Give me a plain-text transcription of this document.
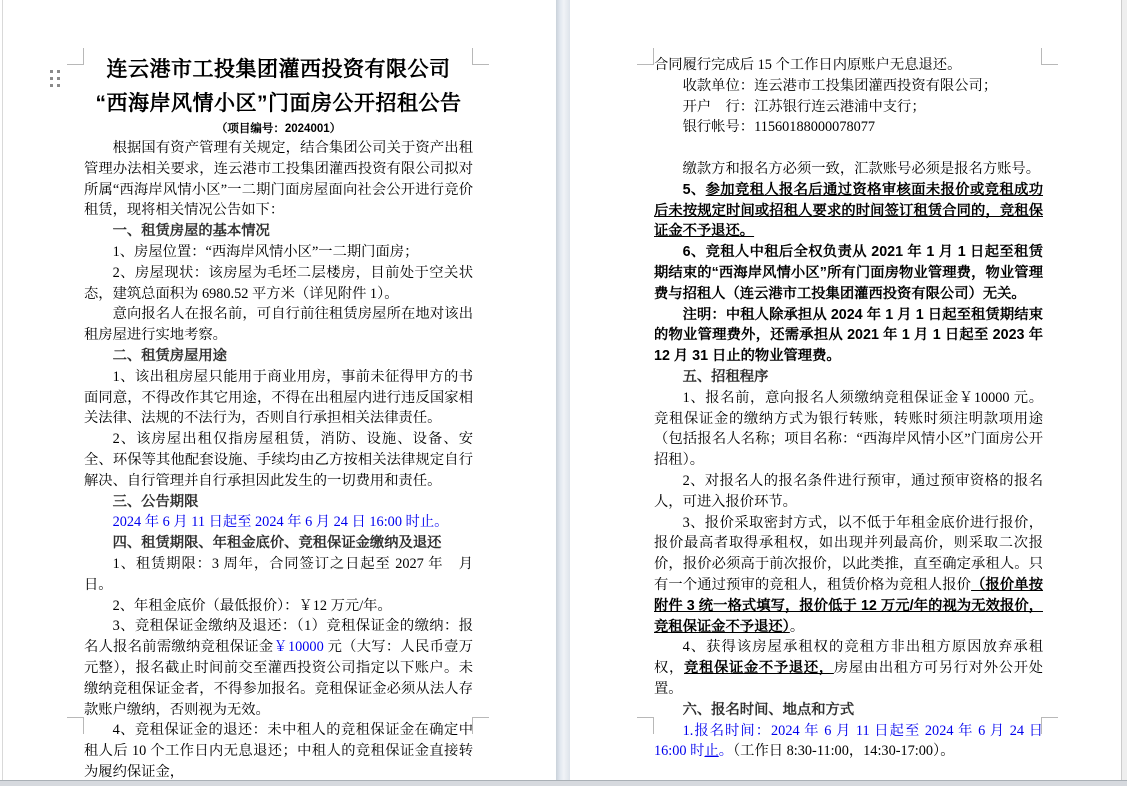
连云港市工投集团灌西投资有限公司
“西海岸风情小区”门面房公开招租公告
（项目编号：2024001）
根据国有资产管理有关规定，结合集团公司关于资产出租管理办法相关要求，连云港市工投集团灌西投资有限公司拟对所属“西海岸风情小区”一二期门面房屋面向社会公开进行竞价租赁，现将相关情况公告如下：
一、租赁房屋的基本情况
1、房屋位置：“西海岸风情小区”一二期门面房；
2、房屋现状：该房屋为毛坯二层楼房，目前处于空关状态，建筑总面积为 6980.52 平方米（详见附件 1）。
意向报名人在报名前，可自行前往租赁房屋所在地对该出租房屋进行实地考察。
二、租赁房屋用途
1、该出租房屋只能用于商业用房，事前未征得甲方的书面同意，不得改作其它用途，不得在出租屋内进行违反国家相关法律、法规的不法行为，否则自行承担相关法律责任。
2、该房屋出租仅指房屋租赁，消防、设施、设备、安全、环保等其他配套设施、手续均由乙方按相关法律规定自行解决、自行管理并自行承担因此发生的一切费用和责任。
三、公告期限
2024 年 6 月 11 日起至 2024 年 6 月 24 日 16:00 时止。
四、租赁期限、年租金底价、竞租保证金缴纳及退还
1、租赁期限：3 周年，合同签订之日起至 2027 年　月　日。
2、年租金底价（最低报价）：￥12 万元/年。
3、竞租保证金缴纳及退还：（1）竞租保证金的缴纳：报名人报名前需缴纳竞租保证金￥10000 元（大写：人民币壹万元整），报名截止时间前交至灌西投资公司指定以下账户。未缴纳竞租保证金者，不得参加报名。竞租保证金必须从法人存款账户缴纳，否则视为无效。
4、竞租保证金的退还：未中租人的竞租保证金在确定中租人后 10 个工作日内无息退还；中租人的竞租保证金直接转为履约保证金，
合同履行完成后 15 个工作日内原账户无息退还。
收款单位：连云港市工投集团灌西投资有限公司；
开户　行：江苏银行连云港浦中支行；
银行帐号：11560188000078077

缴款方和报名方必须一致，汇款账号必须是报名方账号。
5、参加竞租人报名后通过资格审核面未报价或竞租成功后未按规定时间或招租人要求的时间签订租赁合同的，竞租保证金不予退还。
6、竞租人中租后全权负责从 2021 年 1 月 1 日起至租赁期结束的“西海岸风情小区”所有门面房物业管理费，物业管理费与招租人（连云港市工投集团灌西投资有限公司）无关。
注明：中租人除承担从 2024 年 1 月 1 日起至租赁期结束的物业管理费外，还需承担从 2021 年 1 月 1 日起至 2023 年 12 月 31 日止的物业管理费。
五、招租程序
1、报名前，意向报名人须缴纳竞租保证金￥10000 元。竞租保证金的缴纳方式为银行转账，转账时须注明款项用途（包括报名人名称；项目名称：“西海岸风情小区”门面房公开招租）。
2、对报名人的报名条件进行预审，通过预审资格的报名人，可进入报价环节。
3、报价采取密封方式，以不低于年租金底价进行报价，报价最高者取得承租权，如出现并列最高价，则采取二次报价，报价必须高于前次报价，以此类推，直至确定承租人。只有一个通过预审的竞租人，租赁价格为竞租人报价（报价单按附件 3 统一格式填写，报价低于 12 万元/年的视为无效报价，竞租保证金不予退还）。
4、获得该房屋承租权的竞租方非出租方原因放弃承租权，竞租保证金不予退还，房屋由出租方可另行对外公开处置。
六、报名时间、地点和方式
1.报名时间：2024 年 6 月 11 日起至 2024 年 6 月 24 日 16:00 时止。（工作日 8:30-11:00，14:30-17:00）。
